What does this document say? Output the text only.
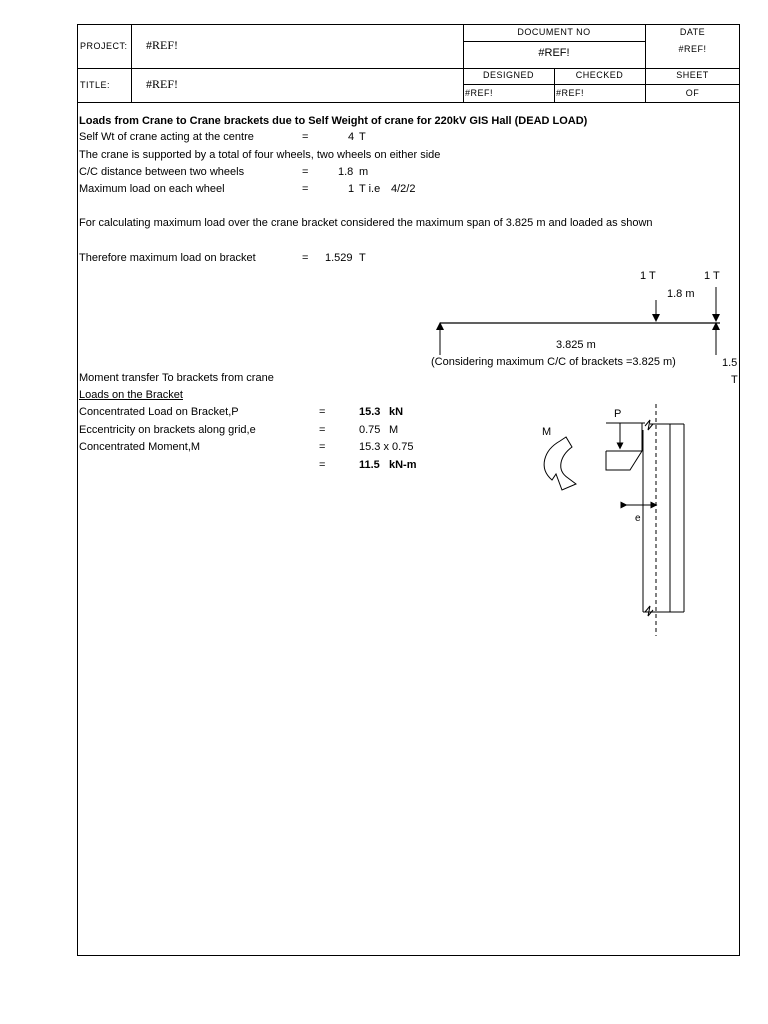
PROJECT: #REF!
TITLE:	#REF!
DOCUMENT NO
#REF!
DATE
#REF!
DESIGNED	CHECKED	SHEET
#REF!	#REF!	OF
Loads from Crane to Crane brackets due to Self Weight of crane for 220kV GIS Hall (DEAD LOAD)
Self Wt of crane acting at the centre	=	4 T
The crane is supported by a total of four wheels, two wheels on either side
C/C distance between two wheels	=	1.8 m
Maximum load on each wheel	=	1 T i.e 4/2/2
For calculating maximum load over the crane bracket considered the maximum span of 3.825 m and loaded as shown
Therefore maximum load on bracket	= 1.529 T
Moment transfer To brackets from crane
Loads on the Bracket
Concentrated Load on Bracket,P	=	15.3 kN
Eccentricity on brackets along grid,e	=	0.75 M
Concentrated Moment,M	=	15.3 x 0.75
=	11.5 kN-m
1 T	1 T
1.8 m
3.825 m
(Considering maximum C/C of brackets =3.825 m)	1.5
T
P
e
M
